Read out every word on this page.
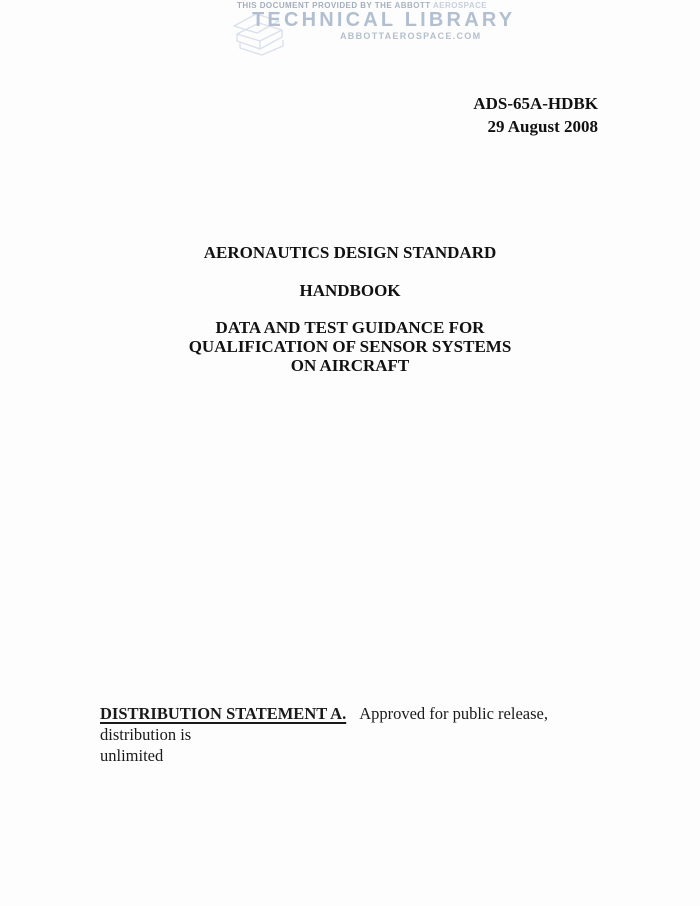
THIS DOCUMENT PROVIDED BY THE ABBOTT AEROSPACE
TECHNICAL LIBRARY
ABBOTTAEROSPACE.COM
ADS-65A-HDBK
29 August 2008
AERONAUTICS DESIGN STANDARD
HANDBOOK
DATA AND TEST GUIDANCE FOR
QUALIFICATION OF SENSOR SYSTEMS
ON AIRCRAFT

DISTRIBUTION STATEMENT A. Approved for public release, distribution is
unlimited
